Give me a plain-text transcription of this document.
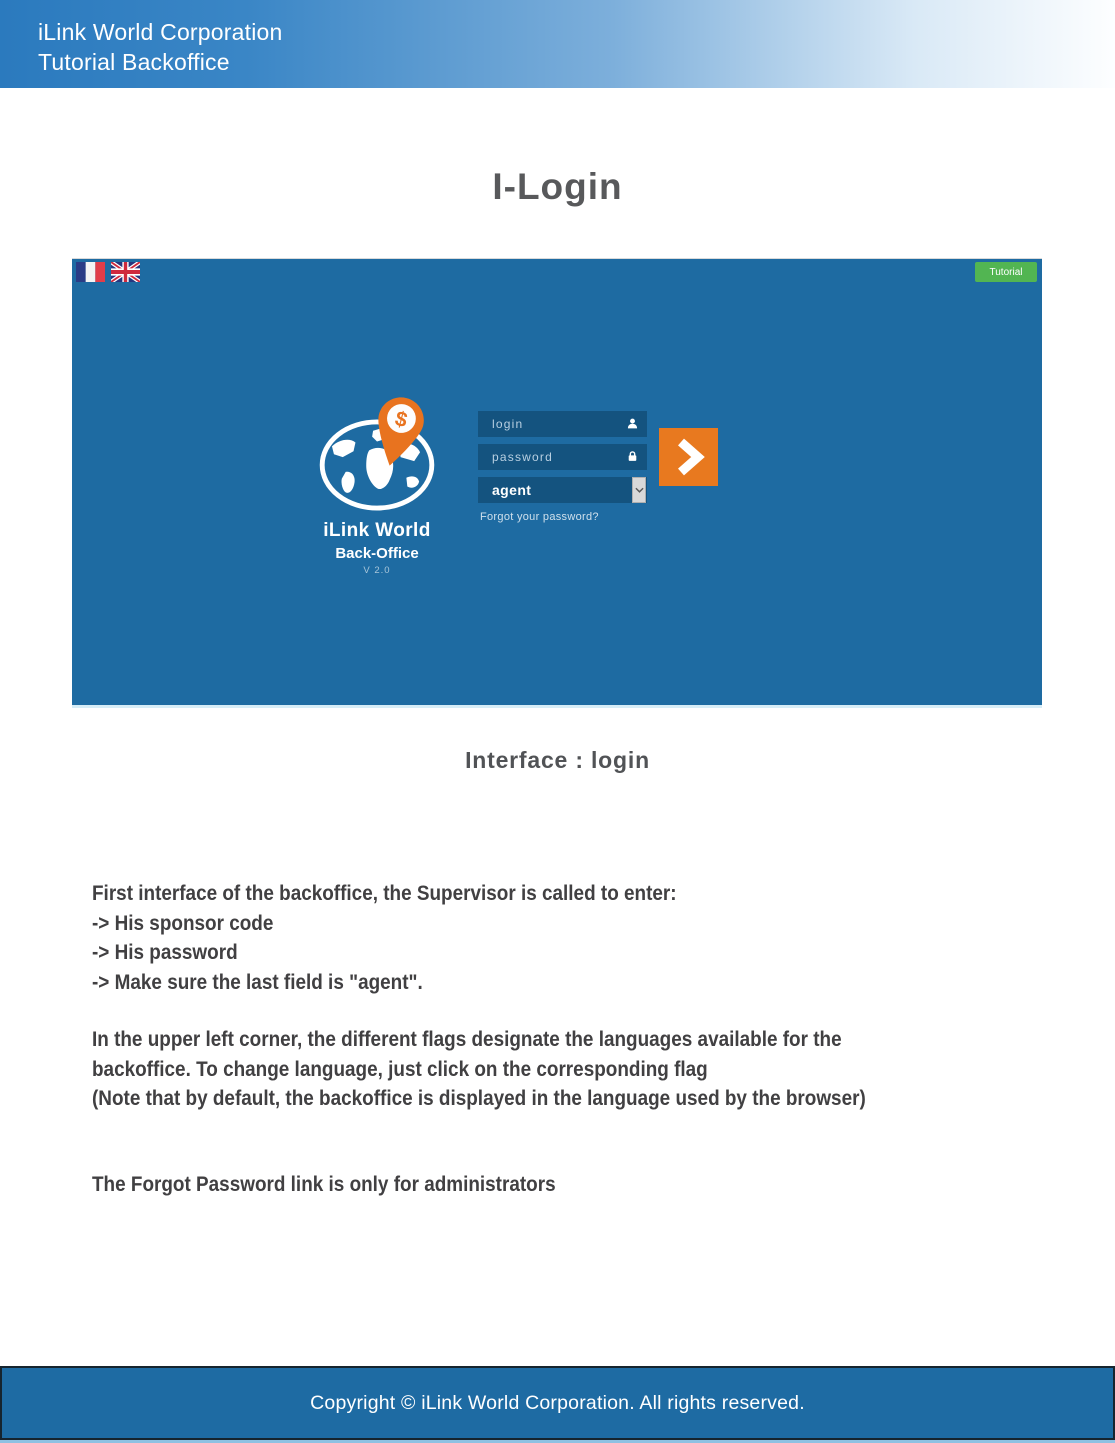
iLink World Corporation
Tutorial Backoffice
I-Login
Tutorial
$
iLink World
Back-Office
V 2.0
login
agent
Forgot your password?
Interface : login
First interface of the backoffice, the Supervisor is called to enter:
-> His sponsor code
-> His password
-> Make sure the last field is "agent".
In the upper left corner, the different flags designate the languages available for the
backoffice. To change language, just click on the corresponding flag
(Note that by default, the backoffice is displayed in the language used by the browser)
The Forgot Password link is only for administrators
Copyright © iLink World Corporation. All rights reserved.
